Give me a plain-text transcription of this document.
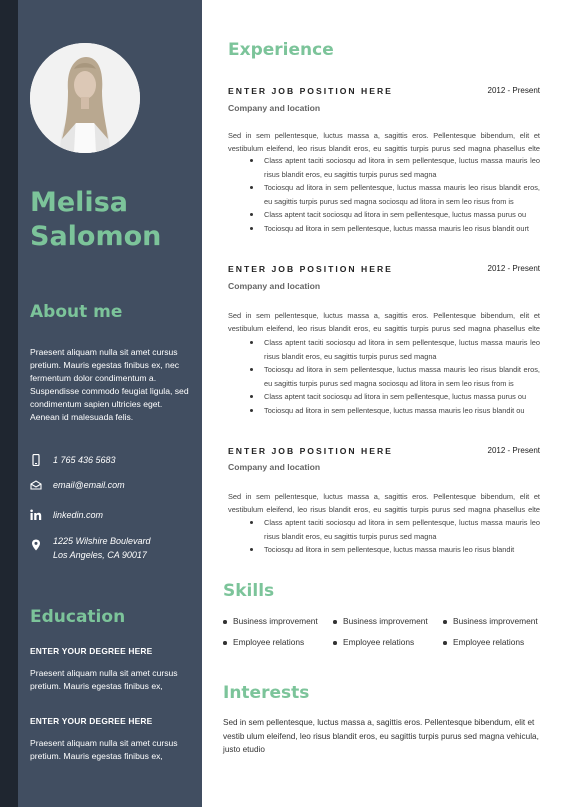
Melisa
Salomon
About me

Praesent aliquam nulla sit amet cursus pretium. Mauris egestas finibus ex, nec fermentum dolor condimentum a. Suspendisse commodo feugiat ligula, sed condimentum sapien ultricies eget. Aenean id malesuada felis.

1 765 436 5683
email@email.com
linkedin.com
1225 Wilshire Boulevard
Los Angeles, CA 90017
Education

ENTER YOUR DEGREE HERE

Praesent aliquam nulla sit amet cursus pretium. Mauris egestas finibus ex,

ENTER YOUR DEGREE HERE

Praesent aliquam nulla sit amet cursus pretium. Mauris egestas finibus ex,

Experience
ENTER JOB POSITION HERE	2012 - Present

Company and location

Sed in sem pellentesque, luctus massa a, sagittis eros. Pellentesque bibendum, elit et vestibulum eleifend, leo risus blandit eros, eu sagittis turpis purus sed magna phasellus elte

Class aptent taciti sociosqu ad litora in sem pellentesque, luctus massa mauris leo risus blandit eros, eu sagittis turpis purus sed magna
Tociosqu ad litora in sem pellentesque, luctus massa mauris leo risus blandit eros, eu sagittis turpis purus sed magna sociosqu ad litora in sem leo risus from is
Class aptent tacit sociosqu ad litora in sem pellentesque, luctus massa purus ou
Tociosqu ad litora in sem pellentesque, luctus massa mauris leo risus blandit ourt
ENTER JOB POSITION HERE	2012 - Present

Company and location

Sed in sem pellentesque, luctus massa a, sagittis eros. Pellentesque bibendum, elit et vestibulum eleifend, leo risus blandit eros, eu sagittis turpis purus sed magna phasellus elte

Class aptent taciti sociosqu ad litora in sem pellentesque, luctus massa mauris leo risus blandit eros, eu sagittis turpis purus sed magna
Tociosqu ad litora in sem pellentesque, luctus massa mauris leo risus blandit eros, eu sagittis turpis purus sed magna sociosqu ad litora in sem leo risus from is
Class aptent tacit sociosqu ad litora in sem pellentesque, luctus massa purus ou
Tociosqu ad litora in sem pellentesque, luctus massa mauris leo risus blandit ou
ENTER JOB POSITION HERE	2012 - Present

Company and location

Sed in sem pellentesque, luctus massa a, sagittis eros. Pellentesque bibendum, elit et vestibulum eleifend, leo risus blandit eros, eu sagittis turpis purus sed magna phasellus elte

Class aptent taciti sociosqu ad litora in sem pellentesque, luctus massa mauris leo risus blandit eros, eu sagittis turpis purus sed magna
Tociosqu ad litora in sem pellentesque, luctus massa mauris leo risus blandit
Skills
Business improvement	Business improvement	Business improvement
Employee relations	Employee relations	Employee relations
Interests

Sed in sem pellentesque, luctus massa a, sagittis eros. Pellentesque bibendum, elit et vestib ulum eleifend, leo risus blandit eros, eu sagittis turpis purus sed magna vehicula, justo etudio
